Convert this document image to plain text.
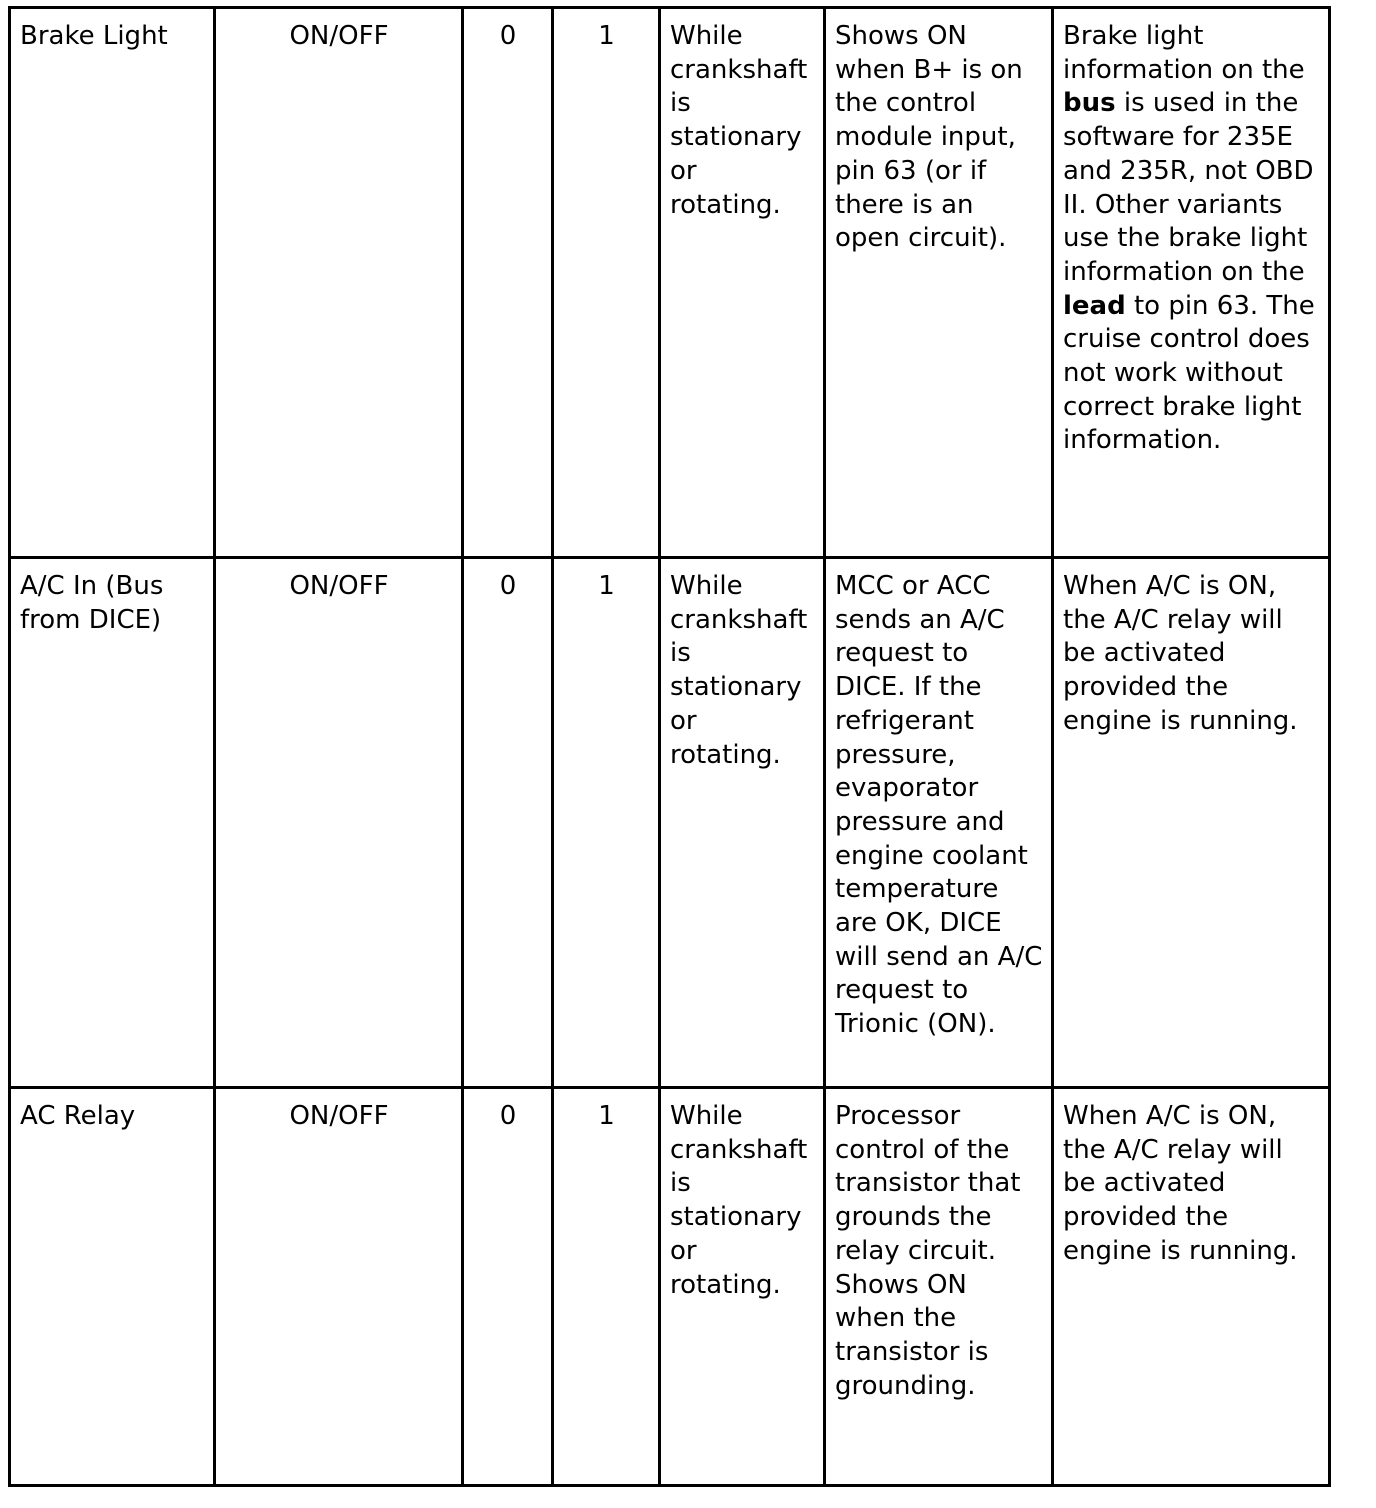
Brake Light	ON/OFF	0	1	While crankshaft is stationary or rotating.	Shows ON when B+ is on the control module input, pin 63 (or if there is an open circuit).	Brake light information on the bus is used in the software for 235E and 235R, not OBD II. Other variants use the brake light information on the lead to pin 63. The cruise control does not work without correct brake light information.
A/C In (Bus from DICE)	ON/OFF	0	1	While crankshaft is stationary or rotating.	MCC or ACC sends an A/C request to DICE. If the refrigerant pressure, evaporator pressure and engine coolant temperature are OK, DICE will send an A/C request to Trionic (ON).	When A/C is ON, the A/C relay will be activated provided the engine is running.
AC Relay	ON/OFF	0	1	While crankshaft is stationary or rotating.	Processor control of the transistor that grounds the relay circuit. Shows ON when the transistor is grounding.	When A/C is ON, the A/C relay will be activated provided the engine is running.
